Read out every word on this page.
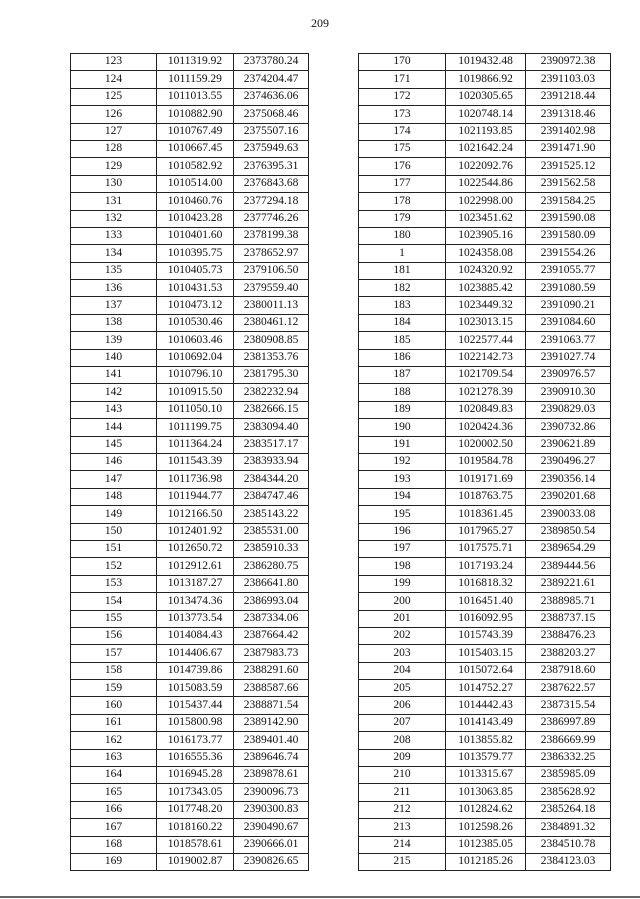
209
123	1011319.92	2373780.24
124	1011159.29	2374204.47
125	1011013.55	2374636.06
126	1010882.90	2375068.46
127	1010767.49	2375507.16
128	1010667.45	2375949.63
129	1010582.92	2376395.31
130	1010514.00	2376843.68
131	1010460.76	2377294.18
132	1010423.28	2377746.26
133	1010401.60	2378199.38
134	1010395.75	2378652.97
135	1010405.73	2379106.50
136	1010431.53	2379559.40
137	1010473.12	2380011.13
138	1010530.46	2380461.12
139	1010603.46	2380908.85
140	1010692.04	2381353.76
141	1010796.10	2381795.30
142	1010915.50	2382232.94
143	1011050.10	2382666.15
144	1011199.75	2383094.40
145	1011364.24	2383517.17
146	1011543.39	2383933.94
147	1011736.98	2384344.20
148	1011944.77	2384747.46
149	1012166.50	2385143.22
150	1012401.92	2385531.00
151	1012650.72	2385910.33
152	1012912.61	2386280.75
153	1013187.27	2386641.80
154	1013474.36	2386993.04
155	1013773.54	2387334.06
156	1014084.43	2387664.42
157	1014406.67	2387983.73
158	1014739.86	2388291.60
159	1015083.59	2388587.66
160	1015437.44	2388871.54
161	1015800.98	2389142.90
162	1016173.77	2389401.40
163	1016555.36	2389646.74
164	1016945.28	2389878.61
165	1017343.05	2390096.73
166	1017748.20	2390300.83
167	1018160.22	2390490.67
168	1018578.61	2390666.01
169	1019002.87	2390826.65
170	1019432.48	2390972.38
171	1019866.92	2391103.03
172	1020305.65	2391218.44
173	1020748.14	2391318.46
174	1021193.85	2391402.98
175	1021642.24	2391471.90
176	1022092.76	2391525.12
177	1022544.86	2391562.58
178	1022998.00	2391584.25
179	1023451.62	2391590.08
180	1023905.16	2391580.09
1	1024358.08	2391554.26
181	1024320.92	2391055.77
182	1023885.42	2391080.59
183	1023449.32	2391090.21
184	1023013.15	2391084.60
185	1022577.44	2391063.77
186	1022142.73	2391027.74
187	1021709.54	2390976.57
188	1021278.39	2390910.30
189	1020849.83	2390829.03
190	1020424.36	2390732.86
191	1020002.50	2390621.89
192	1019584.78	2390496.27
193	1019171.69	2390356.14
194	1018763.75	2390201.68
195	1018361.45	2390033.08
196	1017965.27	2389850.54
197	1017575.71	2389654.29
198	1017193.24	2389444.56
199	1016818.32	2389221.61
200	1016451.40	2388985.71
201	1016092.95	2388737.15
202	1015743.39	2388476.23
203	1015403.15	2388203.27
204	1015072.64	2387918.60
205	1014752.27	2387622.57
206	1014442.43	2387315.54
207	1014143.49	2386997.89
208	1013855.82	2386669.99
209	1013579.77	2386332.25
210	1013315.67	2385985.09
211	1013063.85	2385628.92
212	1012824.62	2385264.18
213	1012598.26	2384891.32
214	1012385.05	2384510.78
215	1012185.26	2384123.03
